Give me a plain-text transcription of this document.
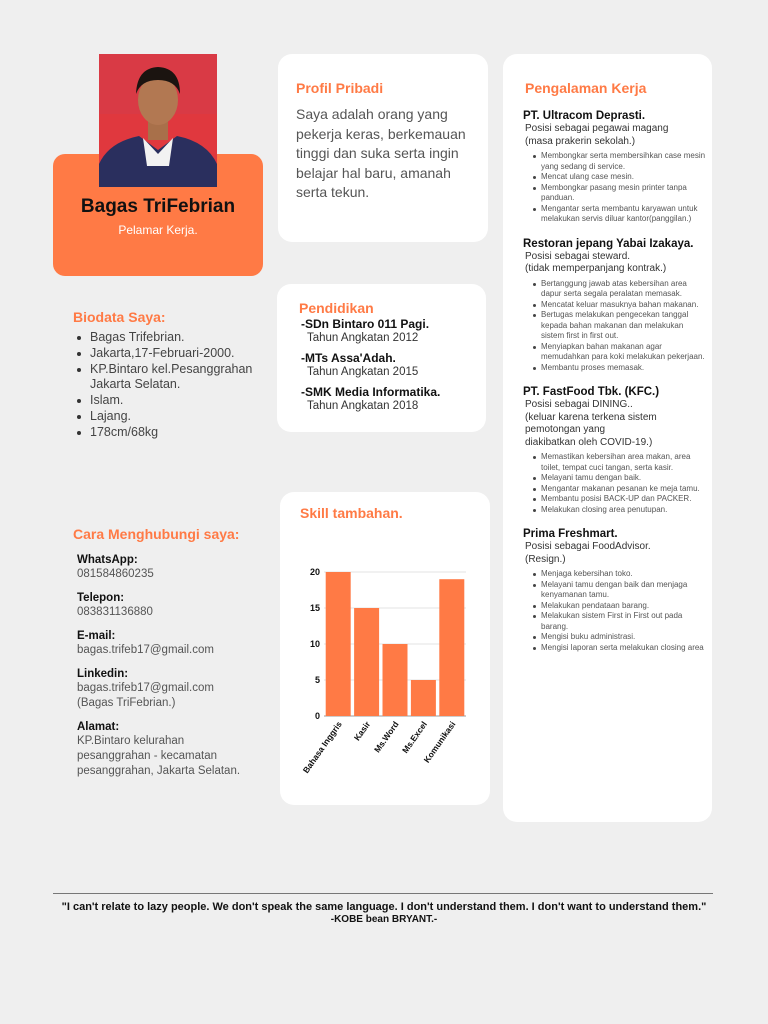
Bagas TriFebrian
Pelamar Kerja.
Biodata Saya:
Bagas Trifebrian.
Jakarta,17-Februari-2000.
KP.Bintaro kel.Pesanggrahan Jakarta Selatan.
Islam.
Lajang.
178cm/68kg
Cara Menghubungi saya:
WhatsApp:
081584860235
Telepon:
083831136880
E-mail:
bagas.trifeb17@gmail.com
Linkedin:
bagas.trifeb17@gmail.com
(Bagas TriFebrian.)
Alamat:
KP.Bintaro kelurahan pesanggrahan - kecamatan pesanggrahan, Jakarta Selatan.
Profil Pribadi
Saya adalah orang yang pekerja keras, berkemauan tinggi dan suka serta ingin belajar hal baru, amanah serta tekun.
Pendidikan
-SDn Bintaro 011 Pagi.
Tahun Angkatan 2012
-MTs Assa'Adah.
Tahun Angkatan 2015
-SMK Media Informatika.
Tahun Angkatan 2018
Skill tambahan.
0
5
10
15
20
Bahasa Inggris Kasir Ms.Word Ms.Excel
Komunikasi
Pengalaman Kerja
PT. Ultracom Deprasti.
Posisi sebagai pegawai magang
(masa prakerin sekolah.)
Membongkar serta membersihkan case mesin yang sedang di service.
Mencat ulang case mesin.
Membongkar pasang mesin printer tanpa panduan.
Mengantar serta membantu karyawan untuk melakukan servis diluar kantor(panggilan.)
Restoran jepang Yabai Izakaya.
Posisi sebagai steward.
(tidak memperpanjang kontrak.)
Bertanggung jawab atas kebersihan area dapur serta segala peralatan memasak.
Mencatat keluar masuknya bahan makanan.
Bertugas melakukan pengecekan tanggal kepada bahan makanan dan melakukan sistem first in first out.
Menyiapkan bahan makanan agar memudahkan para koki melakukan pekerjaan.
Membantu proses memasak.
PT. FastFood Tbk. (KFC.)
Posisi sebagai DINING..
(keluar karena terkena sistem pemotongan yang
diakibatkan oleh COVID-19.)
Memastikan kebersihan area makan, area toilet, tempat cuci tangan, serta kasir.
Melayani tamu dengan baik.
Mengantar makanan pesanan ke meja tamu.
Membantu posisi BACK-UP dan PACKER.
Melakukan closing area penutupan.
Prima Freshmart.
Posisi sebagai FoodAdvisor.
(Resign.)
Menjaga kebersihan toko.
Melayani tamu dengan baik dan menjaga kenyamanan tamu.
Melakukan pendataan barang.
Melakukan sistem First in First out pada barang.
Mengisi buku administrasi.
Mengisi laporan serta melakukan closing area
"I can't relate to lazy people. We don't speak the same language. I don't understand them. I don't want to understand them."
-KOBE bean BRYANT.-
